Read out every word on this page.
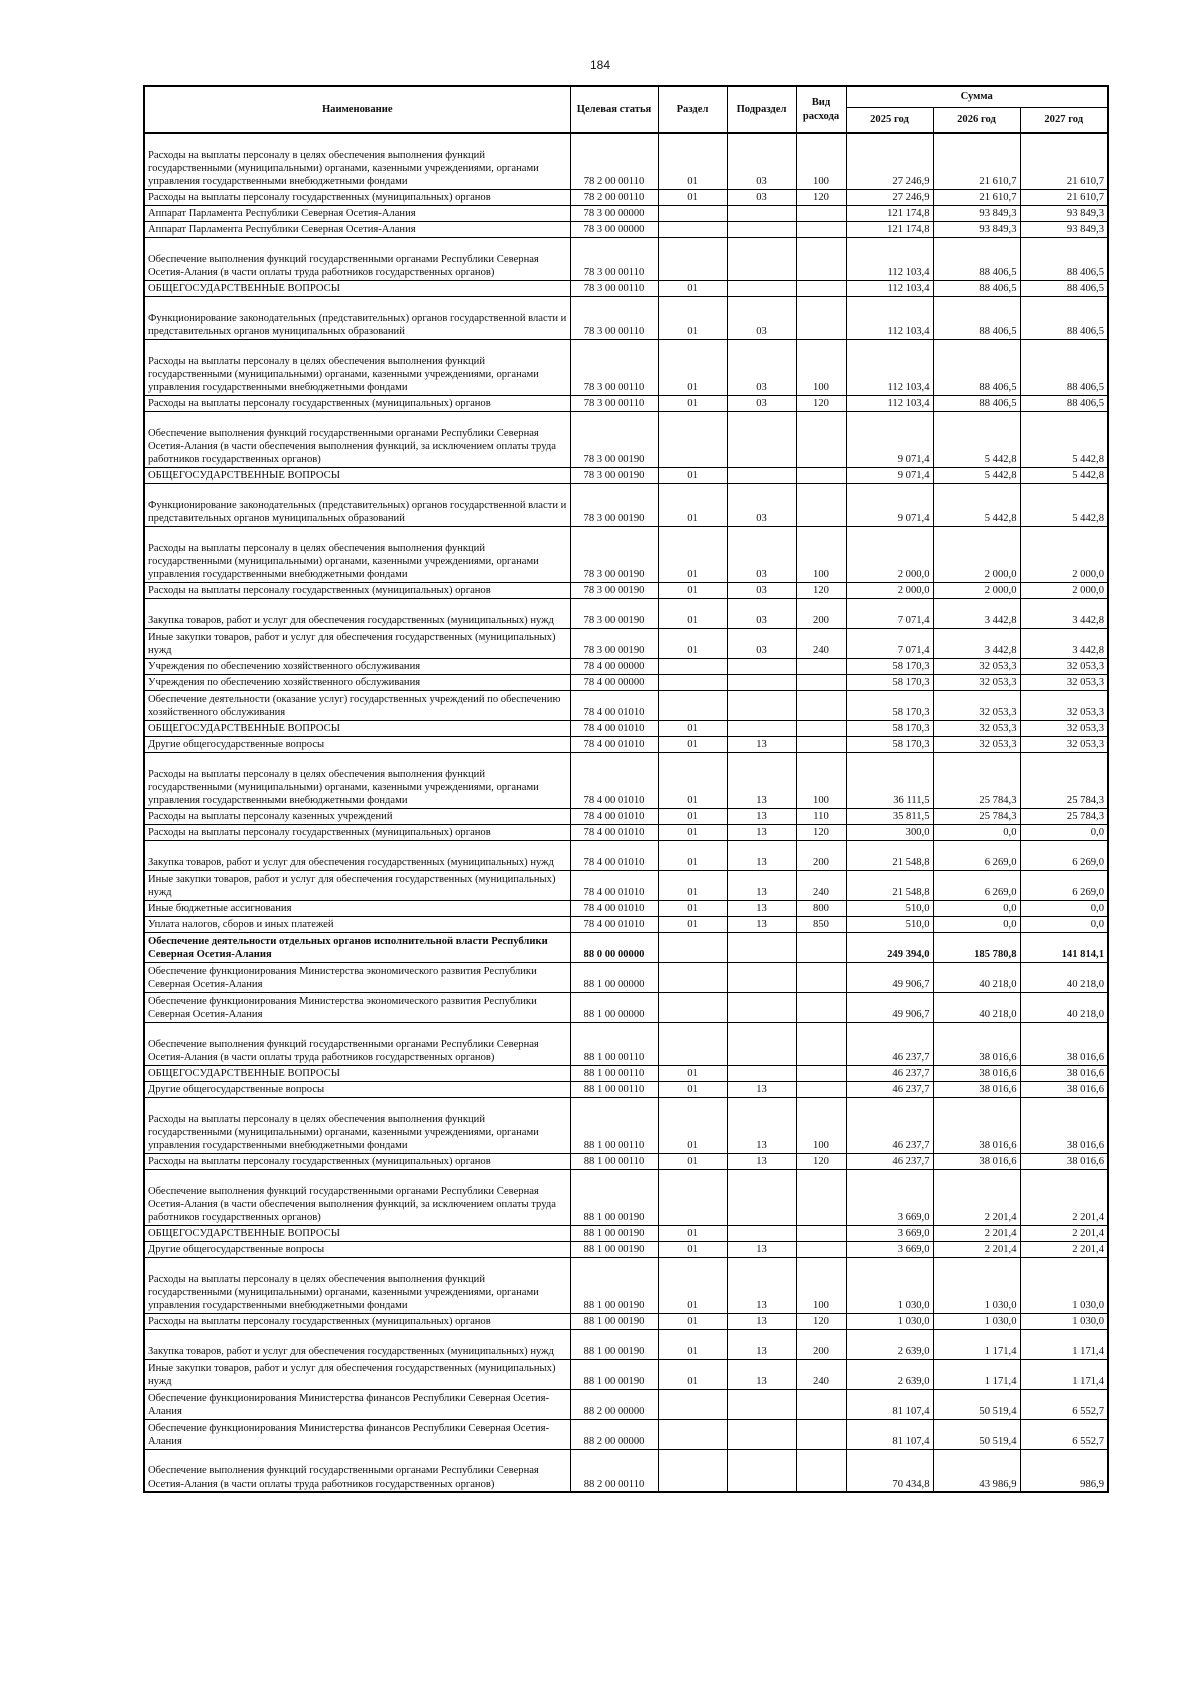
184
Наименование	Целевая статья	Раздел	Подраздел	Вид расхода	Сумма		
					2025 год	2026 год	2027 год
Расходы на выплаты персоналу в целях обеспечения выполнения функций государственными (муниципальными) органами, казенными учреждениями, органами управления государственными внебюджетными фондами	78 2 00 00110	01	03	100	27 246,9	21 610,7	21 610,7
Расходы на выплаты персоналу государственных (муниципальных) органов	78 2 00 00110	01	03	120	27 246,9	21 610,7	21 610,7
Аппарат Парламента Республики Северная Осетия-Алания	78 3 00 00000				121 174,8	93 849,3	93 849,3
Аппарат Парламента Республики Северная Осетия-Алания	78 3 00 00000				121 174,8	93 849,3	93 849,3
Обеспечение выполнения функций государственными органами Республики Северная Осетия-Алания (в части оплаты труда работников государственных органов)	78 3 00 00110				112 103,4	88 406,5	88 406,5
ОБЩЕГОСУДАРСТВЕННЫЕ ВОПРОСЫ	78 3 00 00110	01			112 103,4	88 406,5	88 406,5
Функционирование законодательных (представительных) органов государственной власти и представительных органов муниципальных образований	78 3 00 00110	01	03		112 103,4	88 406,5	88 406,5
Расходы на выплаты персоналу в целях обеспечения выполнения функций государственными (муниципальными) органами, казенными учреждениями, органами управления государственными внебюджетными фондами	78 3 00 00110	01	03	100	112 103,4	88 406,5	88 406,5
Расходы на выплаты персоналу государственных (муниципальных) органов	78 3 00 00110	01	03	120	112 103,4	88 406,5	88 406,5
Обеспечение выполнения функций государственными органами Республики Северная Осетия-Алания (в части обеспечения выполнения функций, за исключением оплаты труда работников государственных органов)	78 3 00 00190				9 071,4	5 442,8	5 442,8
ОБЩЕГОСУДАРСТВЕННЫЕ ВОПРОСЫ	78 3 00 00190	01			9 071,4	5 442,8	5 442,8
Функционирование законодательных (представительных) органов государственной власти и представительных органов муниципальных образований	78 3 00 00190	01	03		9 071,4	5 442,8	5 442,8
Расходы на выплаты персоналу в целях обеспечения выполнения функций государственными (муниципальными) органами, казенными учреждениями, органами управления государственными внебюджетными фондами	78 3 00 00190	01	03	100	2 000,0	2 000,0	2 000,0
Расходы на выплаты персоналу государственных (муниципальных) органов	78 3 00 00190	01	03	120	2 000,0	2 000,0	2 000,0
Закупка товаров, работ и услуг для обеспечения государственных (муниципальных) нужд	78 3 00 00190	01	03	200	7 071,4	3 442,8	3 442,8
Иные закупки товаров, работ и услуг для обеспечения государственных (муниципальных) нужд	78 3 00 00190	01	03	240	7 071,4	3 442,8	3 442,8
Учреждения по обеспечению хозяйственного обслуживания	78 4 00 00000				58 170,3	32 053,3	32 053,3
Учреждения по обеспечению хозяйственного обслуживания	78 4 00 00000				58 170,3	32 053,3	32 053,3
Обеспечение деятельности (оказание услуг) государственных учреждений по обеспечению хозяйственного обслуживания	78 4 00 01010				58 170,3	32 053,3	32 053,3
ОБЩЕГОСУДАРСТВЕННЫЕ ВОПРОСЫ	78 4 00 01010	01			58 170,3	32 053,3	32 053,3
Другие общегосударственные вопросы	78 4 00 01010	01	13		58 170,3	32 053,3	32 053,3
Расходы на выплаты персоналу в целях обеспечения выполнения функций государственными (муниципальными) органами, казенными учреждениями, органами управления государственными внебюджетными фондами	78 4 00 01010	01	13	100	36 111,5	25 784,3	25 784,3
Расходы на выплаты персоналу казенных учреждений	78 4 00 01010	01	13	110	35 811,5	25 784,3	25 784,3
Расходы на выплаты персоналу государственных (муниципальных) органов	78 4 00 01010	01	13	120	300,0	0,0	0,0
Закупка товаров, работ и услуг для обеспечения государственных (муниципальных) нужд	78 4 00 01010	01	13	200	21 548,8	6 269,0	6 269,0
Иные закупки товаров, работ и услуг для обеспечения государственных (муниципальных) нужд	78 4 00 01010	01	13	240	21 548,8	6 269,0	6 269,0
Иные бюджетные ассигнования	78 4 00 01010	01	13	800	510,0	0,0	0,0
Уплата налогов, сборов и иных платежей	78 4 00 01010	01	13	850	510,0	0,0	0,0
Обеспечение деятельности отдельных органов исполнительной власти Республики Северная Осетия-Алания	88 0 00 00000				249 394,0	185 780,8	141 814,1
Обеспечение функционирования Министерства экономического развития Республики Северная Осетия-Алания	88 1 00 00000				49 906,7	40 218,0	40 218,0
Обеспечение функционирования Министерства экономического развития Республики Северная Осетия-Алания	88 1 00 00000				49 906,7	40 218,0	40 218,0
Обеспечение выполнения функций государственными органами Республики Северная Осетия-Алания (в части оплаты труда работников государственных органов)	88 1 00 00110				46 237,7	38 016,6	38 016,6
ОБЩЕГОСУДАРСТВЕННЫЕ ВОПРОСЫ	88 1 00 00110	01			46 237,7	38 016,6	38 016,6
Другие общегосударственные вопросы	88 1 00 00110	01	13		46 237,7	38 016,6	38 016,6
Расходы на выплаты персоналу в целях обеспечения выполнения функций государственными (муниципальными) органами, казенными учреждениями, органами управления государственными внебюджетными фондами	88 1 00 00110	01	13	100	46 237,7	38 016,6	38 016,6
Расходы на выплаты персоналу государственных (муниципальных) органов	88 1 00 00110	01	13	120	46 237,7	38 016,6	38 016,6
Обеспечение выполнения функций государственными органами Республики Северная Осетия-Алания (в части обеспечения выполнения функций, за исключением оплаты труда работников государственных органов)	88 1 00 00190				3 669,0	2 201,4	2 201,4
ОБЩЕГОСУДАРСТВЕННЫЕ ВОПРОСЫ	88 1 00 00190	01			3 669,0	2 201,4	2 201,4
Другие общегосударственные вопросы	88 1 00 00190	01	13		3 669,0	2 201,4	2 201,4
Расходы на выплаты персоналу в целях обеспечения выполнения функций государственными (муниципальными) органами, казенными учреждениями, органами управления государственными внебюджетными фондами	88 1 00 00190	01	13	100	1 030,0	1 030,0	1 030,0
Расходы на выплаты персоналу государственных (муниципальных) органов	88 1 00 00190	01	13	120	1 030,0	1 030,0	1 030,0
Закупка товаров, работ и услуг для обеспечения государственных (муниципальных) нужд	88 1 00 00190	01	13	200	2 639,0	1 171,4	1 171,4
Иные закупки товаров, работ и услуг для обеспечения государственных (муниципальных) нужд	88 1 00 00190	01	13	240	2 639,0	1 171,4	1 171,4
Обеспечение функционирования Министерства финансов Республики Северная Осетия-Алания	88 2 00 00000				81 107,4	50 519,4	6 552,7
Обеспечение функционирования Министерства финансов Республики Северная Осетия-Алания	88 2 00 00000				81 107,4	50 519,4	6 552,7
Обеспечение выполнения функций государственными органами Республики Северная Осетия-Алания (в части оплаты труда работников государственных органов)	88 2 00 00110				70 434,8	43 986,9	986,9
